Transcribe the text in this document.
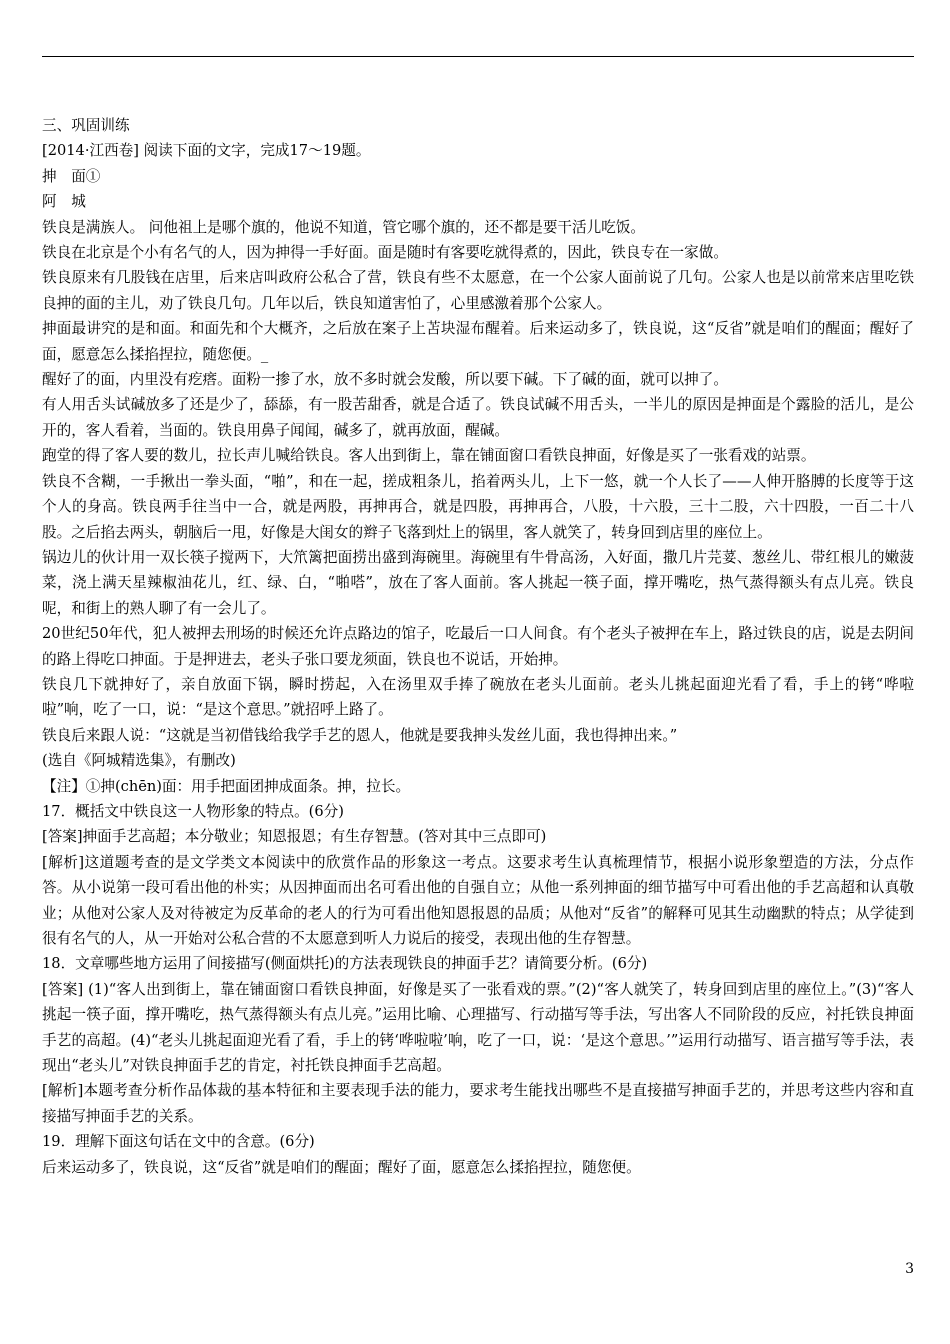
三、巩固训练

[2014·江西卷] 阅读下面的文字，完成17～19题。

抻　面①

阿　城

铁良是满族人。 问他祖上是哪个旗的，他说不知道，管它哪个旗的，还不都是要干活儿吃饭。

铁良在北京是个小有名气的人，因为抻得一手好面。面是随时有客要吃就得煮的，因此，铁良专在一家做。

铁良原来有几股钱在店里，后来店叫政府公私合了营，铁良有些不太愿意，在一个公家人面前说了几句。公家人也是以前常来店里吃铁良抻的面的主儿，劝了铁良几句。几年以后，铁良知道害怕了，心里感激着那个公家人。

抻面最讲究的是和面。和面先和个大概齐，之后放在案子上苫块湿布醒着。后来运动多了，铁良说，这“反省”就是咱们的醒面；醒好了面，愿意怎么揉掐捏拉，随您便。_

醒好了的面，内里没有疙瘩。面粉一掺了水，放不多时就会发酸，所以要下碱。下了碱的面，就可以抻了。

有人用舌头试碱放多了还是少了，舔舔，有一股苦甜香，就是合适了。铁良试碱不用舌头，一半儿的原因是抻面是个露脸的活儿，是公开的，客人看着，当面的。铁良用鼻子闻闻，碱多了，就再放面，醒碱。

跑堂的得了客人要的数儿，拉长声儿喊给铁良。客人出到街上，靠在铺面窗口看铁良抻面，好像是买了一张看戏的站票。

铁良不含糊，一手揪出一拳头面，“啪”，和在一起，搓成粗条儿，掐着两头儿，上下一悠，就一个人长了——人伸开胳膊的长度等于这个人的身高。铁良两手往当中一合，就是两股，再抻再合，就是四股，再抻再合，八股，十六股，三十二股，六十四股，一百二十八股。之后掐去两头，朝脑后一甩，好像是大闺女的辫子飞落到灶上的锅里，客人就笑了，转身回到店里的座位上。

锅边儿的伙计用一双长筷子搅两下，大笊篱把面捞出盛到海碗里。海碗里有牛骨高汤，入好面，撒几片芫荽、葱丝儿、带红根儿的嫩菠菜，浇上满天星辣椒油花儿，红、绿、白，“啪嗒”，放在了客人面前。客人挑起一筷子面，撑开嘴吃，热气蒸得额头有点儿亮。铁良呢，和街上的熟人聊了有一会儿了。

20世纪50年代，犯人被押去刑场的时候还允许点路边的馆子，吃最后一口人间食。有个老头子被押在车上，路过铁良的店，说是去阴间的路上得吃口抻面。于是押进去，老头子张口要龙须面，铁良也不说话，开始抻。

铁良几下就抻好了，亲自放面下锅，瞬时捞起，入在汤里双手捧了碗放在老头儿面前。老头儿挑起面迎光看了看，手上的铐“哗啦啦”响，吃了一口，说：“是这个意思。”就招呼上路了。

铁良后来跟人说：“这就是当初借钱给我学手艺的恩人，他就是要我抻头发丝儿面，我也得抻出来。”

(选自《阿城精选集》，有删改)

【注】①抻(chēn)面：用手把面团抻成面条。抻，拉长。

17．概括文中铁良这一人物形象的特点。(6分)

[答案]抻面手艺高超；本分敬业；知恩报恩；有生存智慧。(答对其中三点即可)

[解析]这道题考查的是文学类文本阅读中的欣赏作品的形象这一考点。这要求考生认真梳理情节，根据小说形象塑造的方法，分点作答。从小说第一段可看出他的朴实；从因抻面而出名可看出他的自强自立；从他一系列抻面的细节描写中可看出他的手艺高超和认真敬业；从他对公家人及对待被定为反革命的老人的行为可看出他知恩报恩的品质；从他对“反省”的解释可见其生动幽默的特点；从学徒到很有名气的人，从一开始对公私合营的不太愿意到听人力说后的接受，表现出他的生存智慧。

18．文章哪些地方运用了间接描写(侧面烘托)的方法表现铁良的抻面手艺？请简要分析。(6分)

[答案] (1)“客人出到街上，靠在铺面窗口看铁良抻面，好像是买了一张看戏的票。”(2)“客人就笑了，转身回到店里的座位上。”(3)“客人挑起一筷子面，撑开嘴吃，热气蒸得额头有点儿亮。”运用比喻、心理描写、行动描写等手法，写出客人不同阶段的反应，衬托铁良抻面手艺的高超。(4)“老头儿挑起面迎光看了看，手上的铐‘哗啦啦’响，吃了一口，说：‘是这个意思。’”运用行动描写、语言描写等手法，表现出“老头儿”对铁良抻面手艺的肯定，衬托铁良抻面手艺高超。

[解析]本题考查分析作品体裁的基本特征和主要表现手法的能力，要求考生能找出哪些不是直接描写抻面手艺的，并思考这些内容和直接描写抻面手艺的关系。

19．理解下面这句话在文中的含意。(6分)

后来运动多了，铁良说，这“反省”就是咱们的醒面；醒好了面，愿意怎么揉掐捏拉，随您便。

3
